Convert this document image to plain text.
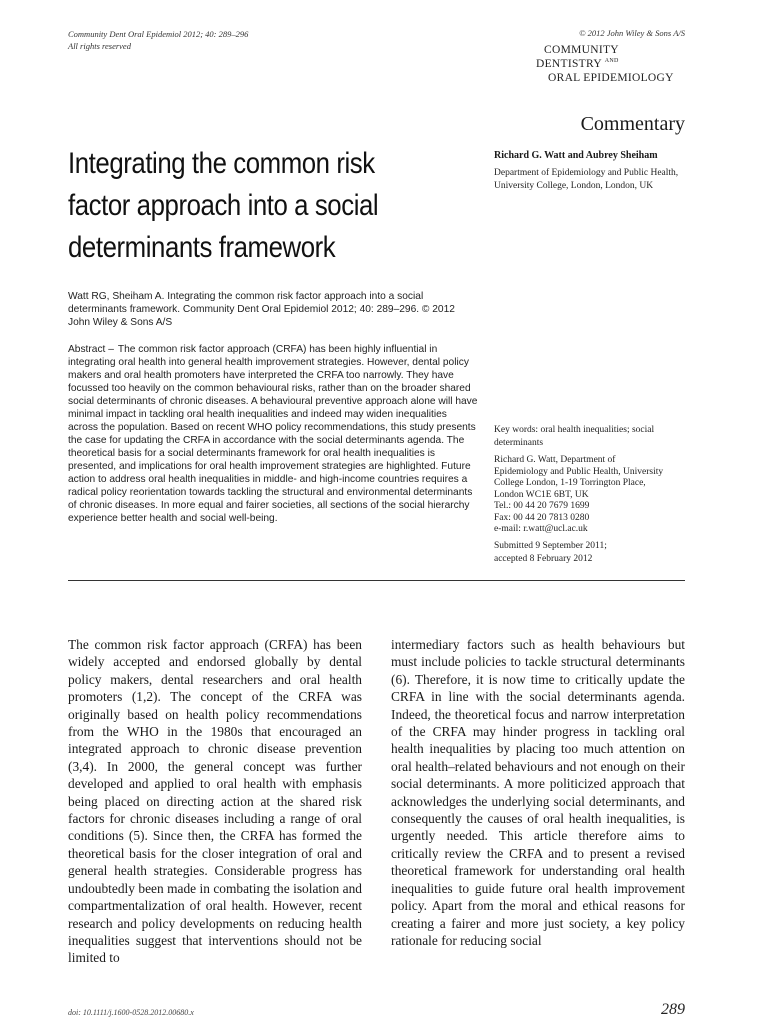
Community Dent Oral Epidemiol 2012; 40: 289–296
All rights reserved
© 2012 John Wiley & Sons A/S
COMMUNITY
DENTISTRY $^{AND}$
ORAL EPIDEMIOLOGY
Commentary
Integrating the common risk factor approach into a social determinants framework
Richard G. Watt and Aubrey Sheiham
Department of Epidemiology and Public Health, University College, London, London, UK
Watt RG, Sheiham A. Integrating the common risk factor approach into a social determinants framework. Community Dent Oral Epidemiol 2012; 40: 289–296. © 2012 John Wiley & Sons A/S
Abstract – The common risk factor approach (CRFA) has been highly influential in integrating oral health into general health improvement strategies. However, dental policy makers and oral health promoters have interpreted the CRFA too narrowly. They have focussed too heavily on the common behavioural risks, rather than on the broader shared social determinants of chronic diseases. A behavioural preventive approach alone will have minimal impact in tackling oral health inequalities and indeed may widen inequalities across the population. Based on recent WHO policy recommendations, this study presents the case for updating the CRFA in accordance with the social determinants agenda. The theoretical basis for a social determinants framework for oral health inequalities is presented, and implications for oral health improvement strategies are highlighted. Future action to address oral health inequalities in middle- and high-income countries requires a radical policy reorientation towards tackling the structural and environmental determinants of chronic diseases. In more equal and fairer societies, all sections of the social hierarchy experience better health and social well-being.
Key words: oral health inequalities; social determinants
Richard G. Watt, Department of
Epidemiology and Public Health, University
College London, 1-19 Torrington Place,
London WC1E 6BT, UK
Tel.: 00 44 20 7679 1699
Fax: 00 44 20 7813 0280
e-mail: r.watt@ucl.ac.uk
Submitted 9 September 2011;
accepted 8 February 2012
The common risk factor approach (CRFA) has been widely accepted and endorsed globally by dental policy makers, dental researchers and oral health promoters (1,2). The concept of the CRFA was originally based on health policy recommendations from the WHO in the 1980s that encouraged an integrated approach to chronic disease prevention (3,4). In 2000, the general concept was further developed and applied to oral health with emphasis being placed on directing action at the shared risk factors for chronic diseases including a range of oral conditions (5). Since then, the CRFA has formed the theoretical basis for the closer integration of oral and general health strategies. Considerable progress has undoubtedly been made in combating the isolation and compartmentalization of oral health. However, recent research and policy developments on reducing health inequalities suggest that interventions should not be limited to
intermediary factors such as health behaviours but must include policies to tackle structural determinants (6). Therefore, it is now time to critically update the CRFA in line with the social determinants agenda. Indeed, the theoretical focus and narrow interpretation of the CRFA may hinder progress in tackling oral health inequalities by placing too much attention on oral health–related behaviours and not enough on their social determinants. A more politicized approach that acknowledges the underlying social determinants, and consequently the causes of oral health inequalities, is urgently needed. This article therefore aims to critically review the CRFA and to present a revised theoretical framework for understanding oral health inequalities to guide future oral health improvement policy. Apart from the moral and ethical reasons for creating a fairer and more just society, a key policy rationale for reducing social
doi: 10.1111/j.1600-0528.2012.00680.x	289
